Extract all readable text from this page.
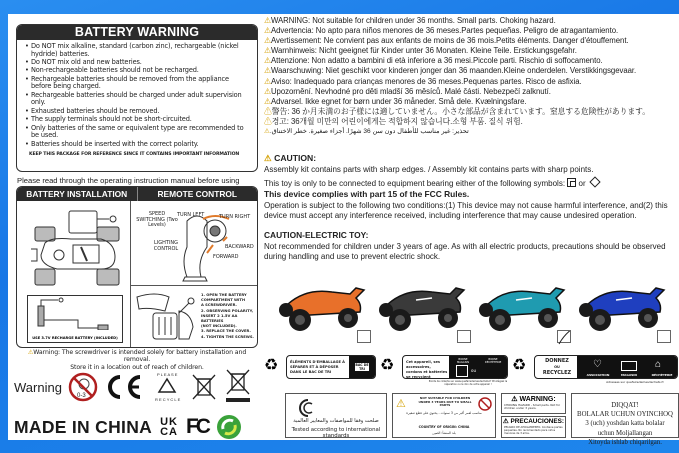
BATTERY WARNING
• Do NOT mix alkaline, standard (carbon zinc), rechargeable (nickel hydride) batteries.
• Do NOT mix old and new batteries.
• Non-rechargeable batteries should not be recharged.
• Rechargeable batteries should be removed from the appliance before being charged.
• Rechargeable batteries should be charged under adult supervision only.
• Exhausted batteries should be removed.
• The supply terminals should not be short-circuited.
• Only batteries of the same or equivalent type are recommended to be used.
• Batteries should be inserted with the correct polarity.
KEEP THIS PACKAGE FOR REFERENCE SINCE IT CONTAINS IMPORTANT INFORMATION
Please read through the operating instruction manual before using
BATTERY INSTALLATION	REMOTE CONTROL
USE 3.7V RECHARGE BATTERY (INCLUDED)
SPEED SWITCHING (Two Levels)
TURN LEFT	TURN RIGHT
LIGHTING CONTROL	BACKWARD
FORWARD
1. OPEN THE BATTERY
COMPARTMENT WITH
A SCREWDRIVER.
2. OBSERVING POLARITY,
INSERT 2 1.5V AA BATTERIES
(NOT INCLUDED).
3. REPLACE THE COVER.
4. TIGHTEN THE SCREWS.
⚠Warning: The screwdriver is intended solely for battery installation and removal.
Store it in a location out of reach of children.
Warning
0-3
P L E A S E
R E C Y C L E
MADE IN CHINA UK
CA FC
⚠WARNING: Not suitable for children under 36 months. Small parts. Choking hazard.
⚠Advertencia: No apto para niños menores de 36 meses.Partes pequeñas. Peligro de atragantamiento.
⚠Avertissement: Ne convient pas aux enfants de moins de 36 mois.Petits éléments. Danger d'étouffement.
⚠Warnhinweis: Nicht geeignet für Kinder unter 36 Monaten. Kleine Teile. Erstickungsgefahr.
⚠Attenzione: Non adatto a bambini di età inferiore a 36 mesi.Piccole parti. Rischio di soffocamento.
⚠Waarschuwing: Niet geschikt voor kinderen jonger dan 36 maanden.Kleine onderdelen. Verstikkingsgevaar.
⚠Aviso: Inadequado para crianças menores de 36 meses.Pequenas partes. Risco de asfixia.
⚠Upozornění. Nevhodné pro děti mladší 36 měsíců. Malé části. Nebezpečí zalknutí.
⚠Advarsel. Ikke egnet for børn under 36 måneder. Små dele. Kvælningsfare.
⚠警告: 36 か月未満のお子様には適していません。小さな部品が含まれています。窒息する危険性があります。
⚠경고: 36개월 미만의 어린이에게는 적합하지 않습니다.소형 부품. 질식 위험.
تحذير: غير مناسب للأطفال دون سن 36 شهرًا. أجزاء صغيرة. خطر الاختناق.⚠
⚠ CAUTION:
Assembly kit contains parts with sharp edges. / Assembly kit contains parts with sharp points.
This toy is only to be connected to equipment bearing either of the following symbols: or
This device complies with part 15 of the FCC Rules.
Operation is subject to the following two conditions:(1) This device may not cause harmful interference, and(2) this device must accept any interference received, including interference that may cause undesired operation.
CAUTION-ELECTRIC TOY:
Not recommended for children under 3 years of age. As with all electric products, precautions should be observed during handling and use to prevent electric shock.
♻	ÉLÉMENTS D'EMBALLAGE À SÉPARER ET À DÉPOSER DANS LE BAC DE TRI
BAC DE TRI ♻	Cet appareil, ses accessoires, cordons et batteries se recyclent
BORNE MAGASIN
BORNE DÉCHÈTERIE
ou
Points de collecte sur www.quefairedemesdechets.fr Privilégiez la réparation ou le don de votre appareil !
♻	DONNEZ
OU
RECYCLEZ	ASSOCIATION	MAGASIN	DÉCHÈTERIE
♡	⌂
Adresses sur quefairedemesdechets.fr
صلحت وفقا للمواصفات والمعايير العالمية
Tested according to international standards
⚠	NOT SUITABLE FOR CHILDREN UNDER 3 YEARS DUE TO SMALL PARTS
مناسب لعمر أكبر من 3 سنوات - يحتوي على قطع صغيرة
COUNTRY OF ORIGIN: CHINA
بلد المنشأ: الصين
⚠ WARNING:
CHOKING HAZARD - Small parts. Not for children under 3 years.
⚠ PRECAUCIONES:
PELIGRO DE AHOGAMIENTO. Contiene partes pequeñas. No recomendado para niños menores de 3 años.
DIQQAT!
BOLALAR UCHUN OYINCHOQ
3 (uch) yoshdan katta bolalar
uchun Moljallangan
Xitoyda ishlab chiqarilgan.
